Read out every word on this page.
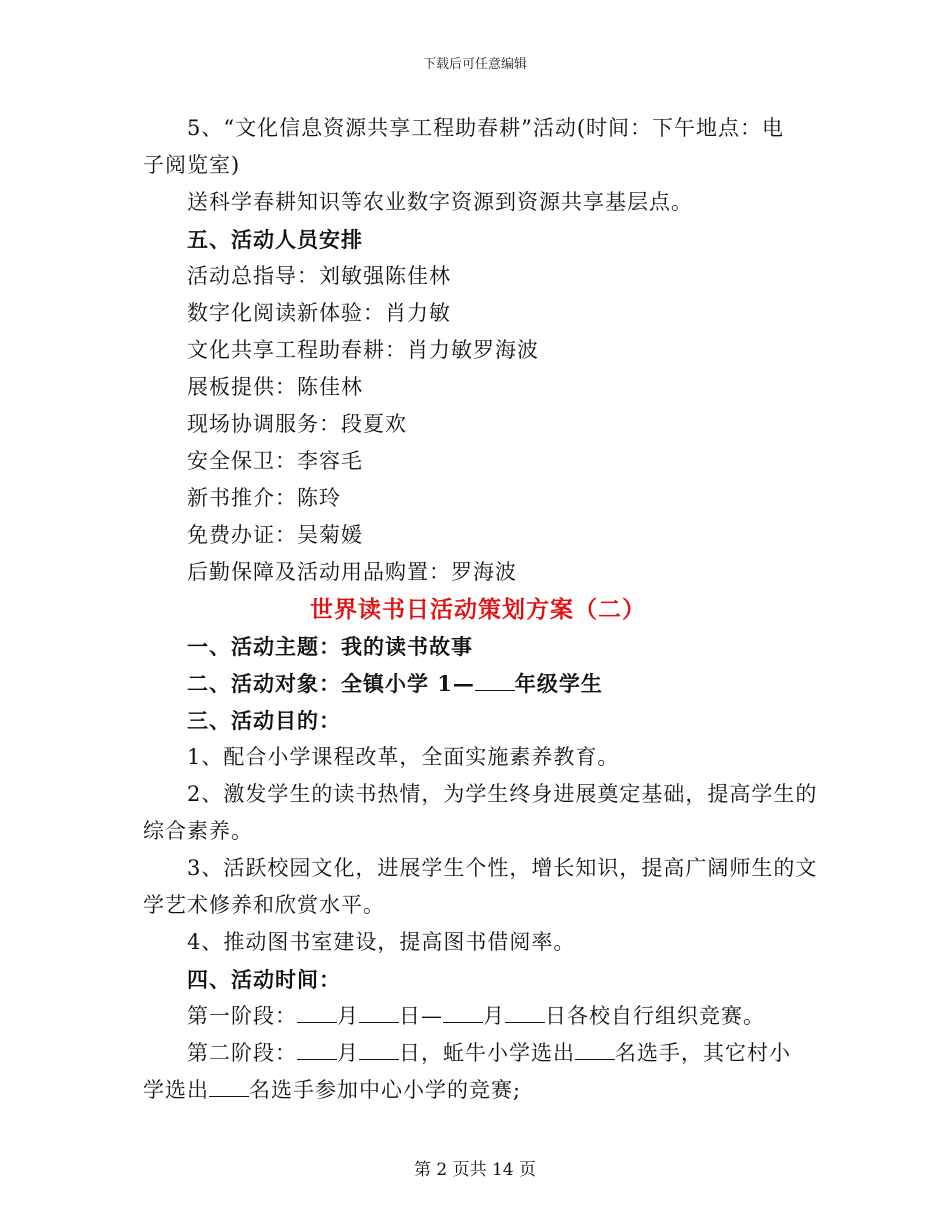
下载后可任意编辑
5、“文化信息资源共享工程助春耕”活动(时间：下午地点：电
子阅览室)
送科学春耕知识等农业数字资源到资源共享基层点。
五、活动人员安排
活动总指导：刘敏强陈佳林
数字化阅读新体验：肖力敏
文化共享工程助春耕：肖力敏罗海波
展板提供：陈佳林
现场协调服务：段夏欢
安全保卫：李容毛
新书推介：陈玲
免费办证：吴菊媛
后勤保障及活动用品购置：罗海波
世界读书日活动策划方案（二）
一、活动主题：我的读书故事
二、活动对象：全镇小学 1— 年级学生
三、活动目的：
1、配合小学课程改革，全面实施素养教育。
2、激发学生的读书热情，为学生终身进展奠定基础，提高学生的
综合素养。
3、活跃校园文化，进展学生个性，增长知识，提高广阔师生的文
学艺术修养和欣赏水平。
4、推动图书室建设，提高图书借阅率。
四、活动时间：
第一阶段： 月 日— 月 日各校自行组织竞赛。
第二阶段： 月 日，蚯牛小学选出 名选手，其它村小
学选出 名选手参加中心小学的竞赛;
第 2 页共 14 页
